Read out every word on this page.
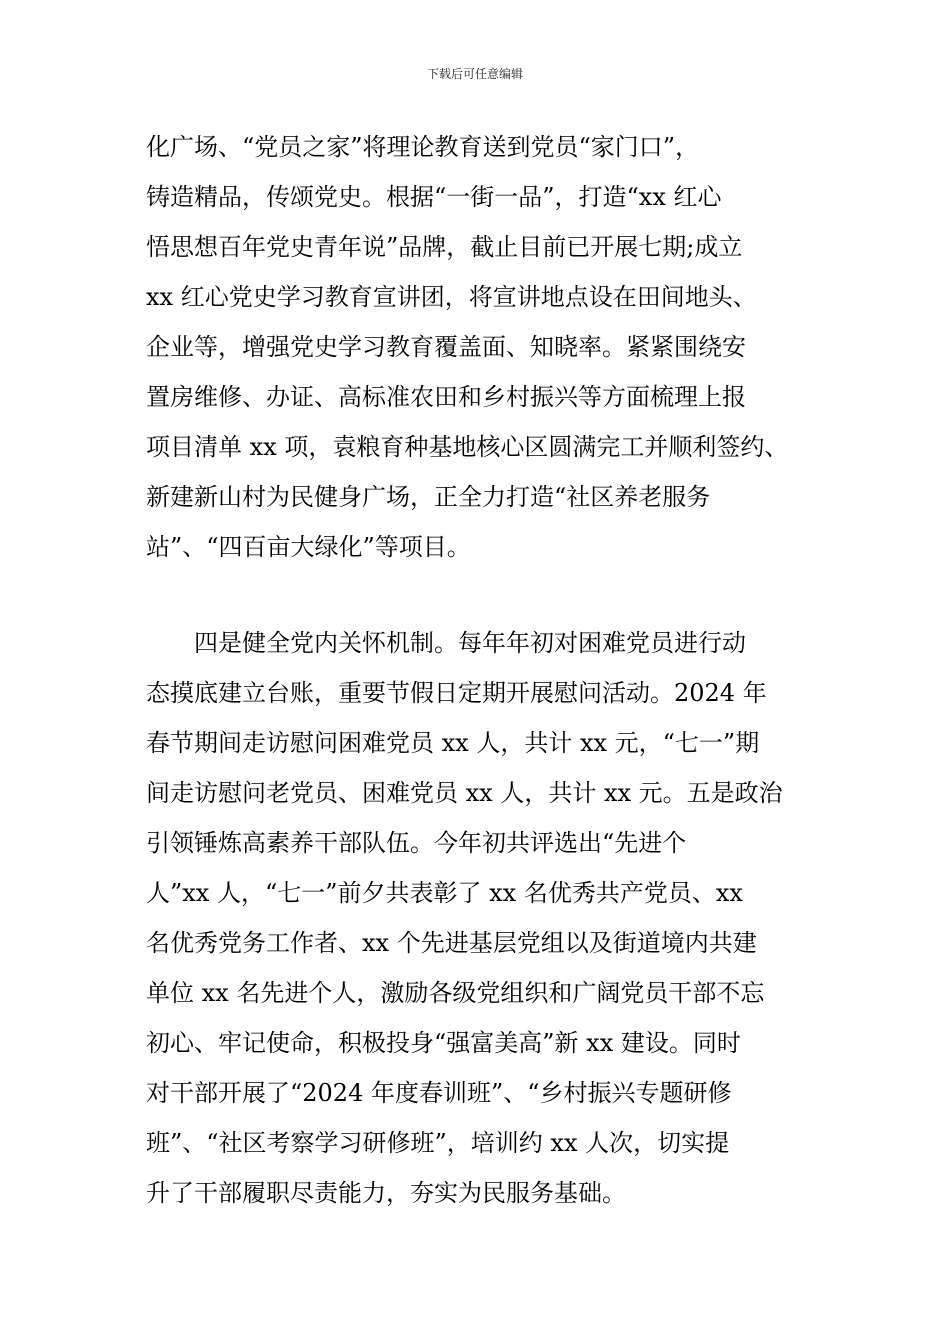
下载后可任意编辑
化广场、“党员之家”将理论教育送到党员“家门口”，
铸造精品，传颂党史。根据“一街一品”，打造“xx 红心
悟思想百年党史青年说”品牌，截止目前已开展七期;成立
xx 红心党史学习教育宣讲团，将宣讲地点设在田间地头、
企业等，增强党史学习教育覆盖面、知晓率。紧紧围绕安
置房维修、办证、高标准农田和乡村振兴等方面梳理上报
项目清单 xx 项，袁粮育种基地核心区圆满完工并顺利签约、
新建新山村为民健身广场，正全力打造“社区养老服务
站”、“四百亩大绿化”等项目。
四是健全党内关怀机制。每年年初对困难党员进行动
态摸底建立台账，重要节假日定期开展慰问活动。2024 年
春节期间走访慰问困难党员 xx 人，共计 xx 元，“七一”期
间走访慰问老党员、困难党员 xx 人，共计 xx 元。五是政治
引领锤炼高素养干部队伍。今年初共评选出“先进个
人”xx 人，“七一”前夕共表彰了 xx 名优秀共产党员、xx
名优秀党务工作者、xx 个先进基层党组以及街道境内共建
单位 xx 名先进个人，激励各级党组织和广阔党员干部不忘
初心、牢记使命，积极投身“强富美高”新 xx 建设。同时
对干部开展了“2024 年度春训班”、“乡村振兴专题研修
班”、“社区考察学习研修班”，培训约 xx 人次，切实提
升了干部履职尽责能力，夯实为民服务基础。
